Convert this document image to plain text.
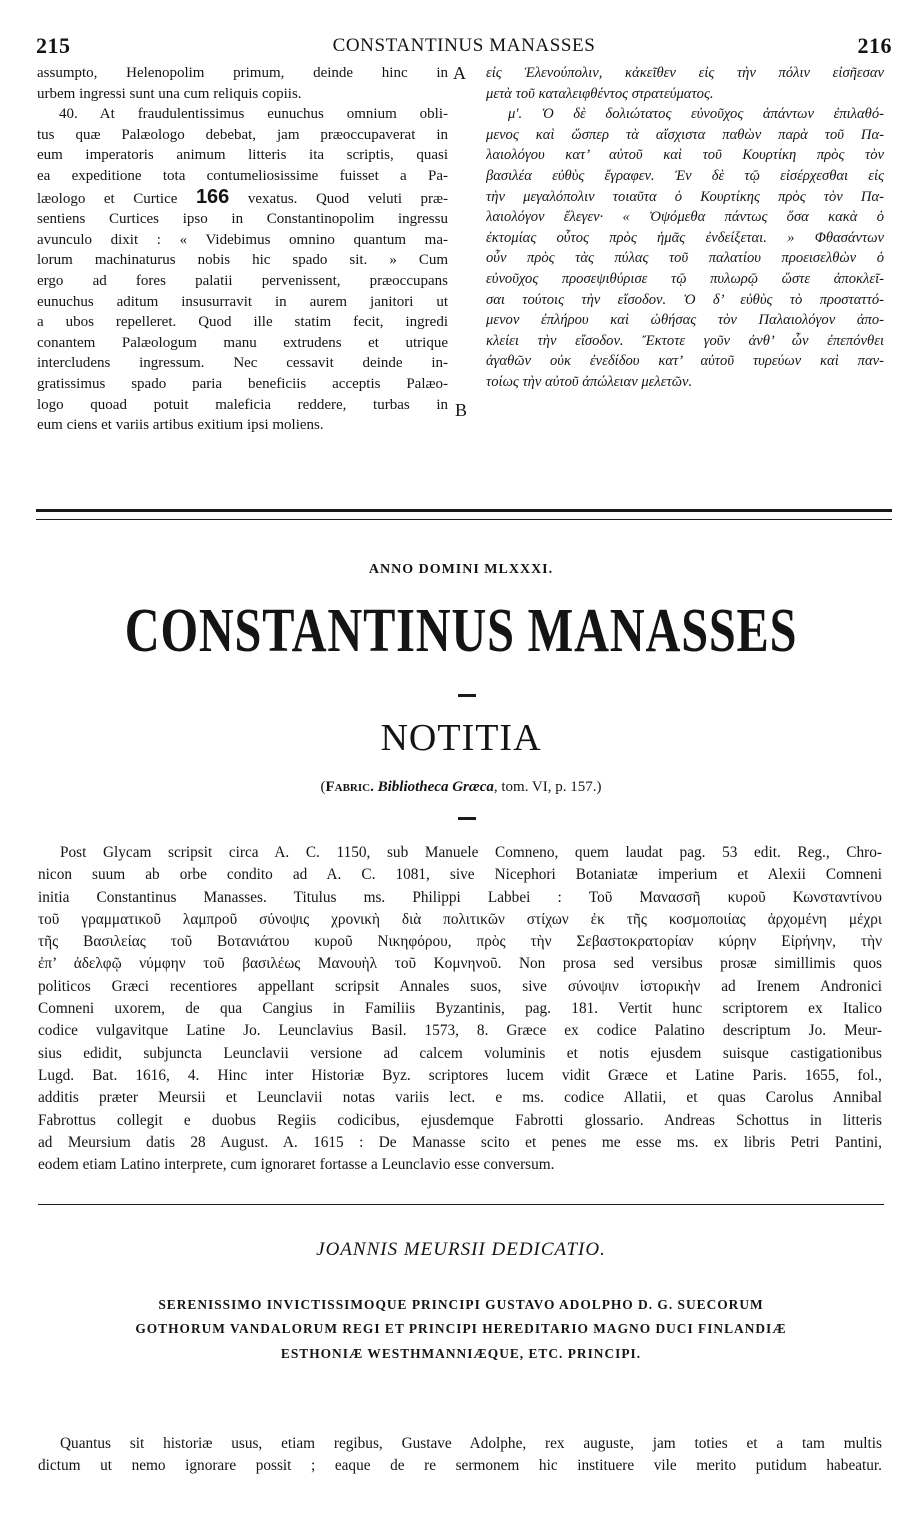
215	CONSTANTINUS MANASSES	216
assumpto, Helenopolim primum, deinde hinc in
urbem ingressi sunt una cum reliquis copiis.
40. At fraudulentissimus eunuchus omnium obli-
tus quæ Palæologo debebat, jam præoccupaverat in
eum imperatoris animum litteris ita scriptis, quasi
ea expeditione tota contumeliosissime fuisset a Pa-
læologo et Curtice 166 vexatus. Quod veluti præ-
sentiens Curtices ipso in Constantinopolim ingressu
avunculo dixit : « Videbimus omnino quantum ma-
lorum machinaturus nobis hic spado sit. » Cum
ergo ad fores palatii pervenissent, præoccupans
eunuchus aditum insusurravit in aurem janitori ut
a ubos repelleret. Quod ille statim fecit, ingredi
conantem Palæologum manu extrudens et utrique
intercludens ingressum. Nec cessavit deinde in-
gratissimus spado paria beneficiis acceptis Palæo-
logo quoad potuit maleficia reddere, turbas in
eum ciens et variis artibus exitium ipsi moliens.
A
B
εἰς Ἑλενούπολιν, κἀκεῖθεν εἰς τὴν πόλιν εἰσῆεσαν
μετὰ τοῦ καταλειφθέντος στρατεύματος.
μʹ. Ὁ δὲ δολιώτατος εὐνοῦχος ἁπάντων ἐπιλαθό-
μενος καὶ ὥσπερ τὰ αἴσχιστα παθὼν παρὰ τοῦ Πα-
λαιολόγου κατ’ αὐτοῦ καὶ τοῦ Κουρτίκη πρὸς τὸν
βασιλέα εὐθὺς ἔγραφεν. Ἐν δὲ τῷ εἰσέρχεσθαι εἰς
τὴν μεγαλόπολιν τοιαῦτα ὁ Κουρτίκης πρὸς τὸν Πα-
λαιολόγον ἔλεγεν· « Ὀψόμεθα πάντως ὅσα κακὰ ὁ
ἐκτομίας οὗτος πρὸς ἡμᾶς ἐνδείξεται. » Φθασάντων
οὖν πρὸς τὰς πύλας τοῦ παλατίου προεισελθὼν ὁ
εὐνοῦχος προσεψιθύρισε τῷ πυλωρῷ ὥστε ἀποκλεῖ-
σαι τούτοις τὴν εἴσοδον. Ὁ δ’ εὐθὺς τὸ προσταττό-
μενον ἐπλήρου καὶ ὠθήσας τὸν Παλαιολόγον ἀπο-
κλείει τὴν εἴσοδον. Ἔκτοτε γοῦν ἀνθ’ ὧν ἐπεπόνθει
ἀγαθῶν οὐκ ἐνεδίδου κατ’ αὐτοῦ τυρεύων καὶ παν-
τοίως τὴν αὐτοῦ ἀπώλειαν μελετῶν.
ANNO DOMINI MLXXXI.
CONSTANTINUS MANASSES
NOTITIA
(Fabric. Bibliotheca Græca, tom. VI, p. 157.)
Post Glycam scripsit circa A. C. 1150, sub Manuele Comneno, quem laudat pag. 53 edit. Reg., Chro-
nicon suum ab orbe condito ad A. C. 1081, sive Nicephori Botaniatæ imperium et Alexii Comneni
initia Constantinus Manasses. Titulus ms. Philippi Labbei : Τοῦ Μανασσῆ κυροῦ Κωνσταντίνου
τοῦ γραμματικοῦ λαμπροῦ σύνοψις χρονικὴ διὰ πολιτικῶν στίχων ἐκ τῆς κοσμοποιίας ἀρχομένη μέχρι
τῆς Βασιλείας τοῦ Βοτανιάτου κυροῦ Νικηφόρου, πρὸς τὴν Σεβαστοκρατορίαν κύρην Εἰρήνην, τὴν
ἐπ’ ἀδελφῷ νύμφην τοῦ βασιλέως Μανουὴλ τοῦ Κομνηνοῦ. Non prosa sed versibus prosæ simillimis quos
politicos Græci recentiores appellant scripsit Annales suos, sive σύνοψιν ἱστορικὴν ad Irenem Andronici
Comneni uxorem, de qua Cangius in Familiis Byzantinis, pag. 181. Vertit hunc scriptorem ex Italico
codice vulgavitque Latine Jo. Leunclavius Basil. 1573, 8. Græce ex codice Palatino descriptum Jo. Meur-
sius edidit, subjuncta Leunclavii versione ad calcem voluminis et notis ejusdem suisque castigationibus
Lugd. Bat. 1616, 4. Hinc inter Historiæ Byz. scriptores lucem vidit Græce et Latine Paris. 1655, fol.,
additis præter Meursii et Leunclavii notas variis lect. e ms. codice Allatii, et quas Carolus Annibal
Fabrottus collegit e duobus Regiis codicibus, ejusdemque Fabrotti glossario. Andreas Schottus in litteris
ad Meursium datis 28 August. A. 1615 : De Manasse scito et penes me esse ms. ex libris Petri Pantini,
eodem etiam Latino interprete, cum ignoraret fortasse a Leunclavio esse conversum.
JOANNIS MEURSII DEDICATIO.
SERENISSIMO INVICTISSIMOQUE PRINCIPI GUSTAVO ADOLPHO D. G. SUECORUM
GOTHORUM VANDALORUM REGI ET PRINCIPI HEREDITARIO MAGNO DUCI FINLANDIÆ
ESTHONIÆ WESTHMANNIÆQUE, ETC. PRINCIPI.
Quantus sit historiæ usus, etiam regibus, Gustave Adolphe, rex auguste, jam toties et a tam multis
dictum ut nemo ignorare possit ; eaque de re sermonem hic instituere vile merito putidum habeatur.
